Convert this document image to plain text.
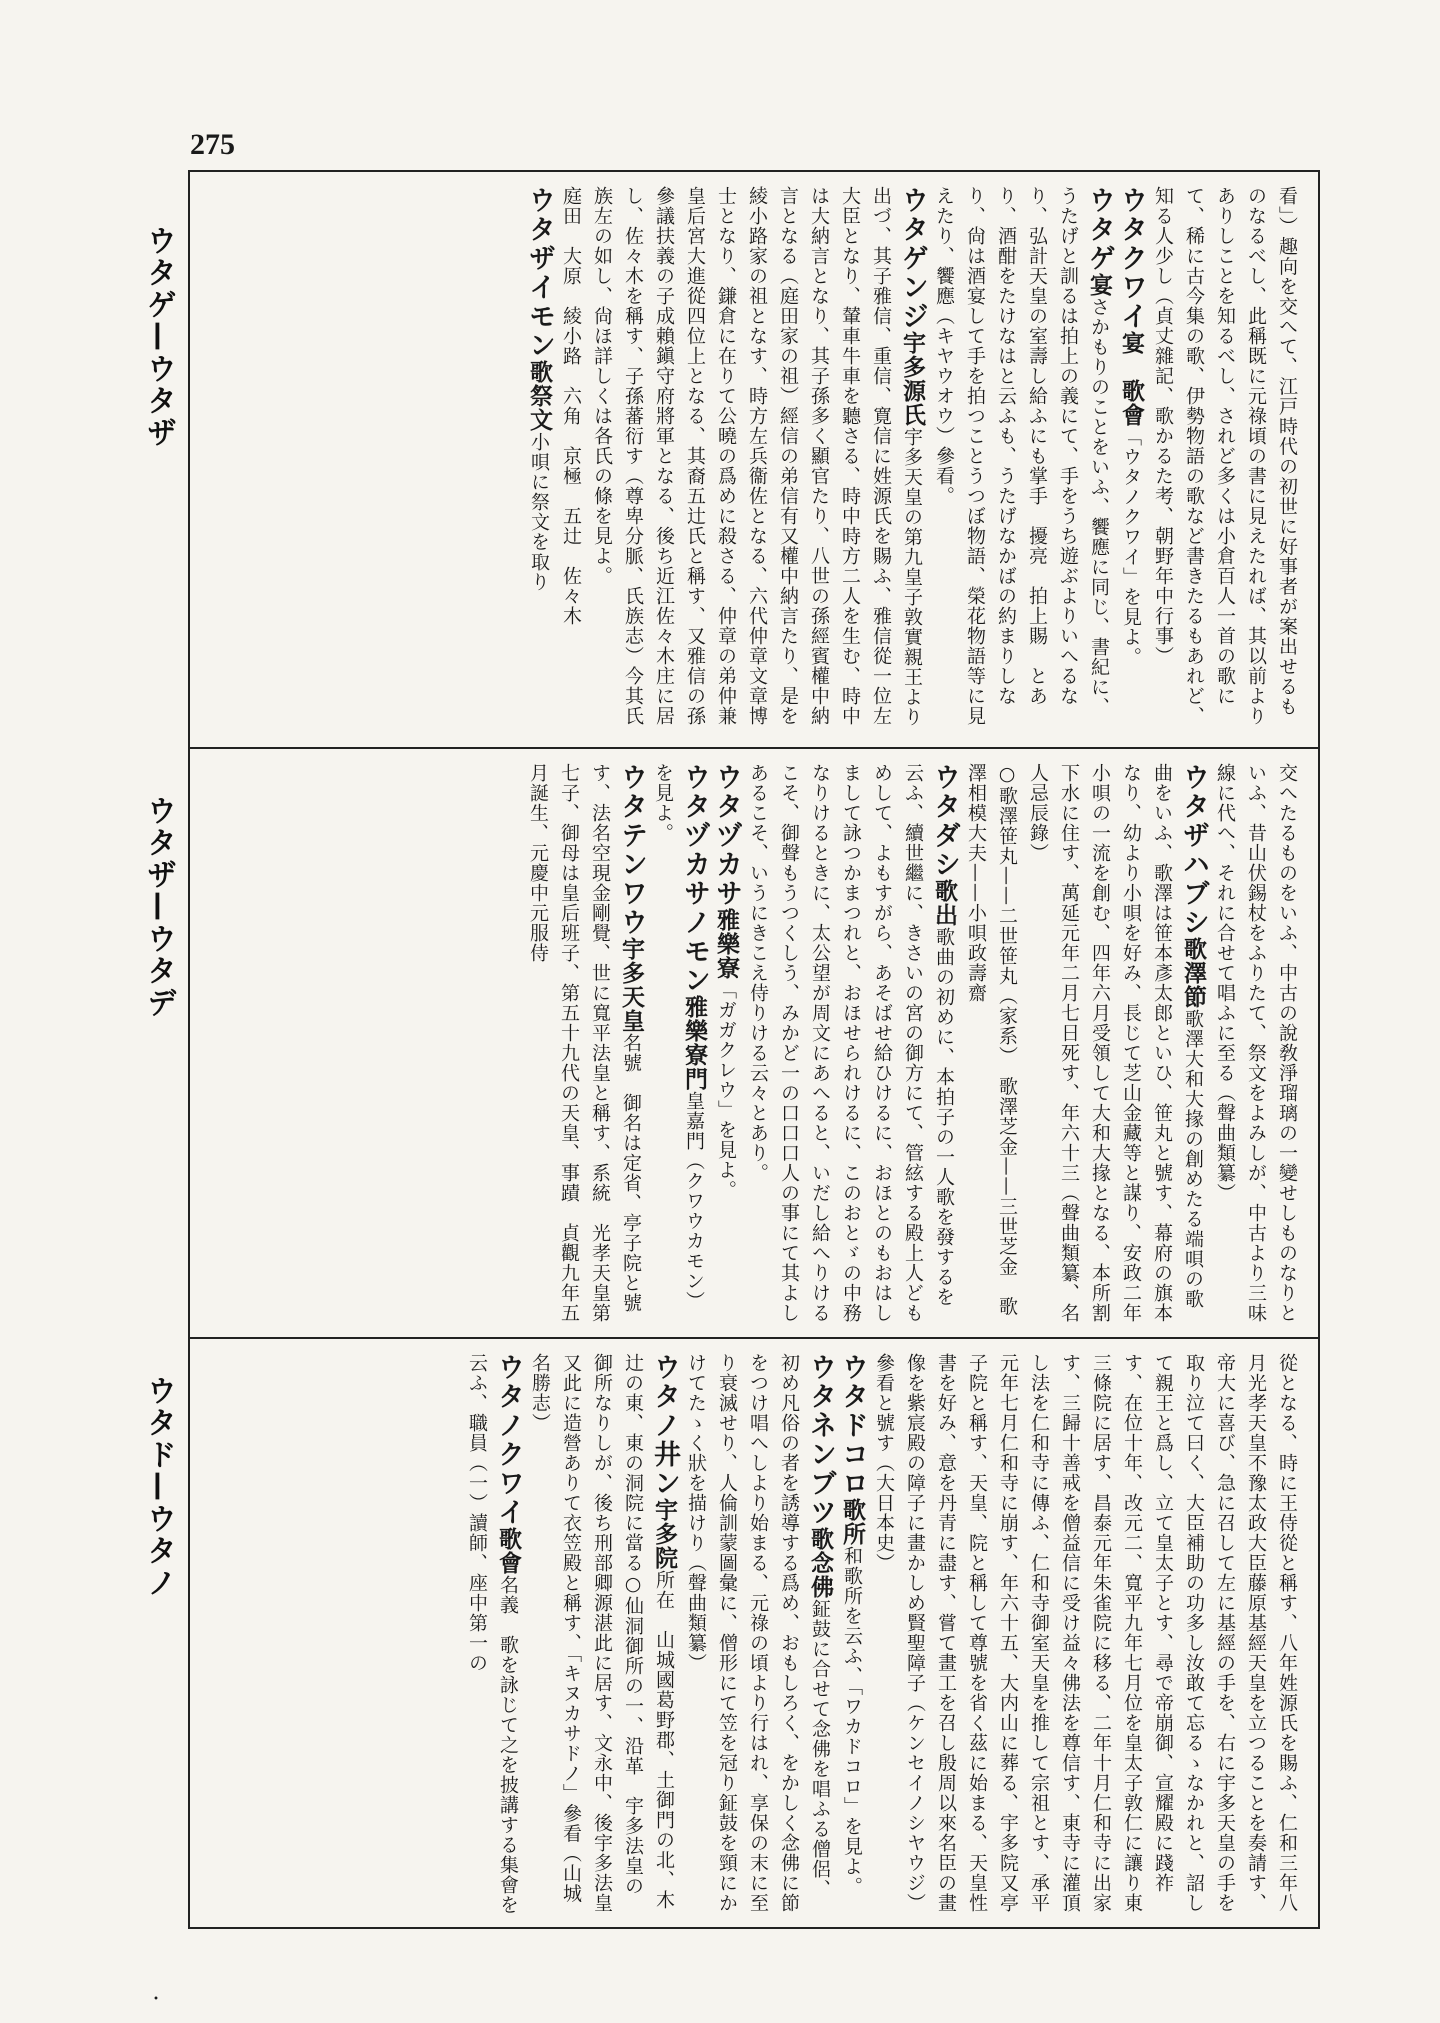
275
ウタゲ—ウタザ
ウタザ—ウタデ
ウタド—ウタノ
看」）趣向を交へて、江戸時代の初世に好事者が案出せるものなるべし、此稱既に元祿頃の書に見えたれば、其以前よりありしことを知るべし、されど多くは小倉百人一首の歌にて、稀に古今集の歌、伊勢物語の歌など書きたるもあれど、知る人少し（貞丈雜記、歌かるた考、朝野年中行事）
ウタクワイ宴　歌會「ウタノクワイ」を見よ。
ウタゲ宴さかもりのことをいふ、饗應に同じ、書紀に、うたげと訓るは拍上の義にて、手をうち遊ぶよりいへるなり、弘計天皇の室壽し給ふにも掌手　擾亮　拍上賜　とあり、酒酣をたけなはと云ふも、うたげなかばの約まりしなり、尙は酒宴して手を拍つことうつぼ物語、榮花物語等に見えたり、饗應（キヤウオウ）參看。
ウタゲンジ宇多源氏宇多天皇の第九皇子敦實親王より出づ、其子雅信、重信、寛信に姓源氏を賜ふ、雅信從一位左大臣となり、輦車牛車を聽さる、時中時方二人を生む、時中は大納言となり、其子孫多く顯官たり、八世の孫經賓權中納言となる（庭田家の祖）經信の弟信有又權中納言たり、是を綾小路家の祖となす、時方左兵衞佐となる、六代仲章文章博士となり、鎌倉に在りて公曉の爲めに殺さる、仲章の弟仲兼皇后宮大進從四位上となる、其裔五辻氏と稱す、又雅信の孫參議扶義の子成賴鎭守府將軍となる、後ち近江佐々木庄に居し、佐々木を稱す、子孫蕃衍す（尊卑分脈、氏族志）今其氏族左の如し、尙ほ詳しくは各氏の條を見よ。
庭田　大原　綾小路　六角　京極　五辻　佐々木
ウタザイモン歌祭文小唄に祭文を取り
交へたるものをいふ、中古の說敎淨瑠璃の一變せしものなりといふ、昔山伏錫杖をふりたて、祭文をよみしが、中古より三味線に代へ、それに合せて唱ふに至る（聲曲類纂）
ウタザハブシ歌澤節歌澤大和大掾の創めたる端唄の歌曲をいふ、歌澤は笹本彥太郎といひ、笹丸と號す、幕府の旗本なり、幼より小唄を好み、長じて芝山金藏等と謀り、安政二年小唄の一流を創む、四年六月受領して大和大掾となる、本所割下水に住す、萬延元年二月七日死す、年六十三（聲曲類纂、名人忌辰錄）
○歌澤笹丸——二世笹丸（家系）　歌澤芝金——三世芝金　歌澤相模大夫——小唄政壽齋
ウタダシ歌出歌曲の初めに、本拍子の一人歌を發するを云ふ、續世繼に、きさいの宮の御方にて、管絃する殿上人どもめして、よもすがら、あそばせ給ひけるに、おほとのもおはしまして詠つかまつれと、おほせられけるに、このおとゞの中務なりけるときに、太公望が周文にあへると、いだし給へりけるこそ、御聲もうつくしう、みかど一の口口口人の事にて其よしあるこそ、いうにきこえ侍りける云々とあり。
ウタヅカサ雅樂寮「ガガクレウ」を見よ。
ウタヅカサノモン雅樂寮門皇嘉門（クワウカモン）を見よ。
ウタテンワウ宇多天皇名號　御名は定省、亭子院と號す、法名空現金剛覺、世に寬平法皇と稱す、系統　光孝天皇第七子、御母は皇后班子、第五十九代の天皇、事蹟　貞觀九年五月誕生、元慶中元服侍
從となる、時に王侍從と稱す、八年姓源氏を賜ふ、仁和三年八月光孝天皇不豫太政大臣藤原基經天皇を立つることを奏請す、帝大に喜び、急に召して左に基經の手を、右に宇多天皇の手を取り泣て曰く、大臣補助の功多し汝敢て忘るゝなかれと、詔して親王と爲し、立て皇太子とす、尋で帝崩御、宣耀殿に踐祚す、在位十年、改元二、寬平九年七月位を皇太子敦仁に讓り東三條院に居す、昌泰元年朱雀院に移る、二年十月仁和寺に出家す、三歸十善戒を僧益信に受け益々佛法を尊信す、東寺に灌頂し法を仁和寺に傳ふ、仁和寺御室天皇を推して宗祖とす、承平元年七月仁和寺に崩す、年六十五、大内山に葬る、宇多院又亭子院と稱す、天皇、院と稱して尊號を省く茲に始まる、天皇性書を好み、意を丹青に盡す、嘗て畫工を召し殷周以來名臣の畫像を紫宸殿の障子に畫かしめ賢聖障子（ケンセイノシヤウジ）參看と號す（大日本史）
ウタドコロ歌所和歌所を云ふ、「ワカドコロ」を見よ。
ウタネンブツ歌念佛鉦鼓に合せて念佛を唱ふる僧侶、初め凡俗の者を誘導する爲め、おもしろく、をかしく念佛に節をつけ唱へしより始まる、元祿の頃より行はれ、享保の末に至り衰滅せり、人倫訓蒙圖彙に、僧形にて笠を冠り鉦鼓を頸にかけてたゝく狀を描けり（聲曲類纂）
ウタノ井ン宇多院所在　山城國葛野郡、土御門の北、木辻の東、東の洞院に當る○仙洞御所の一、沿革　宇多法皇の御所なりしが、後ち刑部卿源湛此に居す、文永中、後宇多法皇又此に造營ありて衣笠殿と稱す、「キヌカサドノ」參看（山城名勝志）
ウタノクワイ歌會名義　歌を詠じて之を披講する集會を云ふ、職員（一）讀師、座中第一の
・
